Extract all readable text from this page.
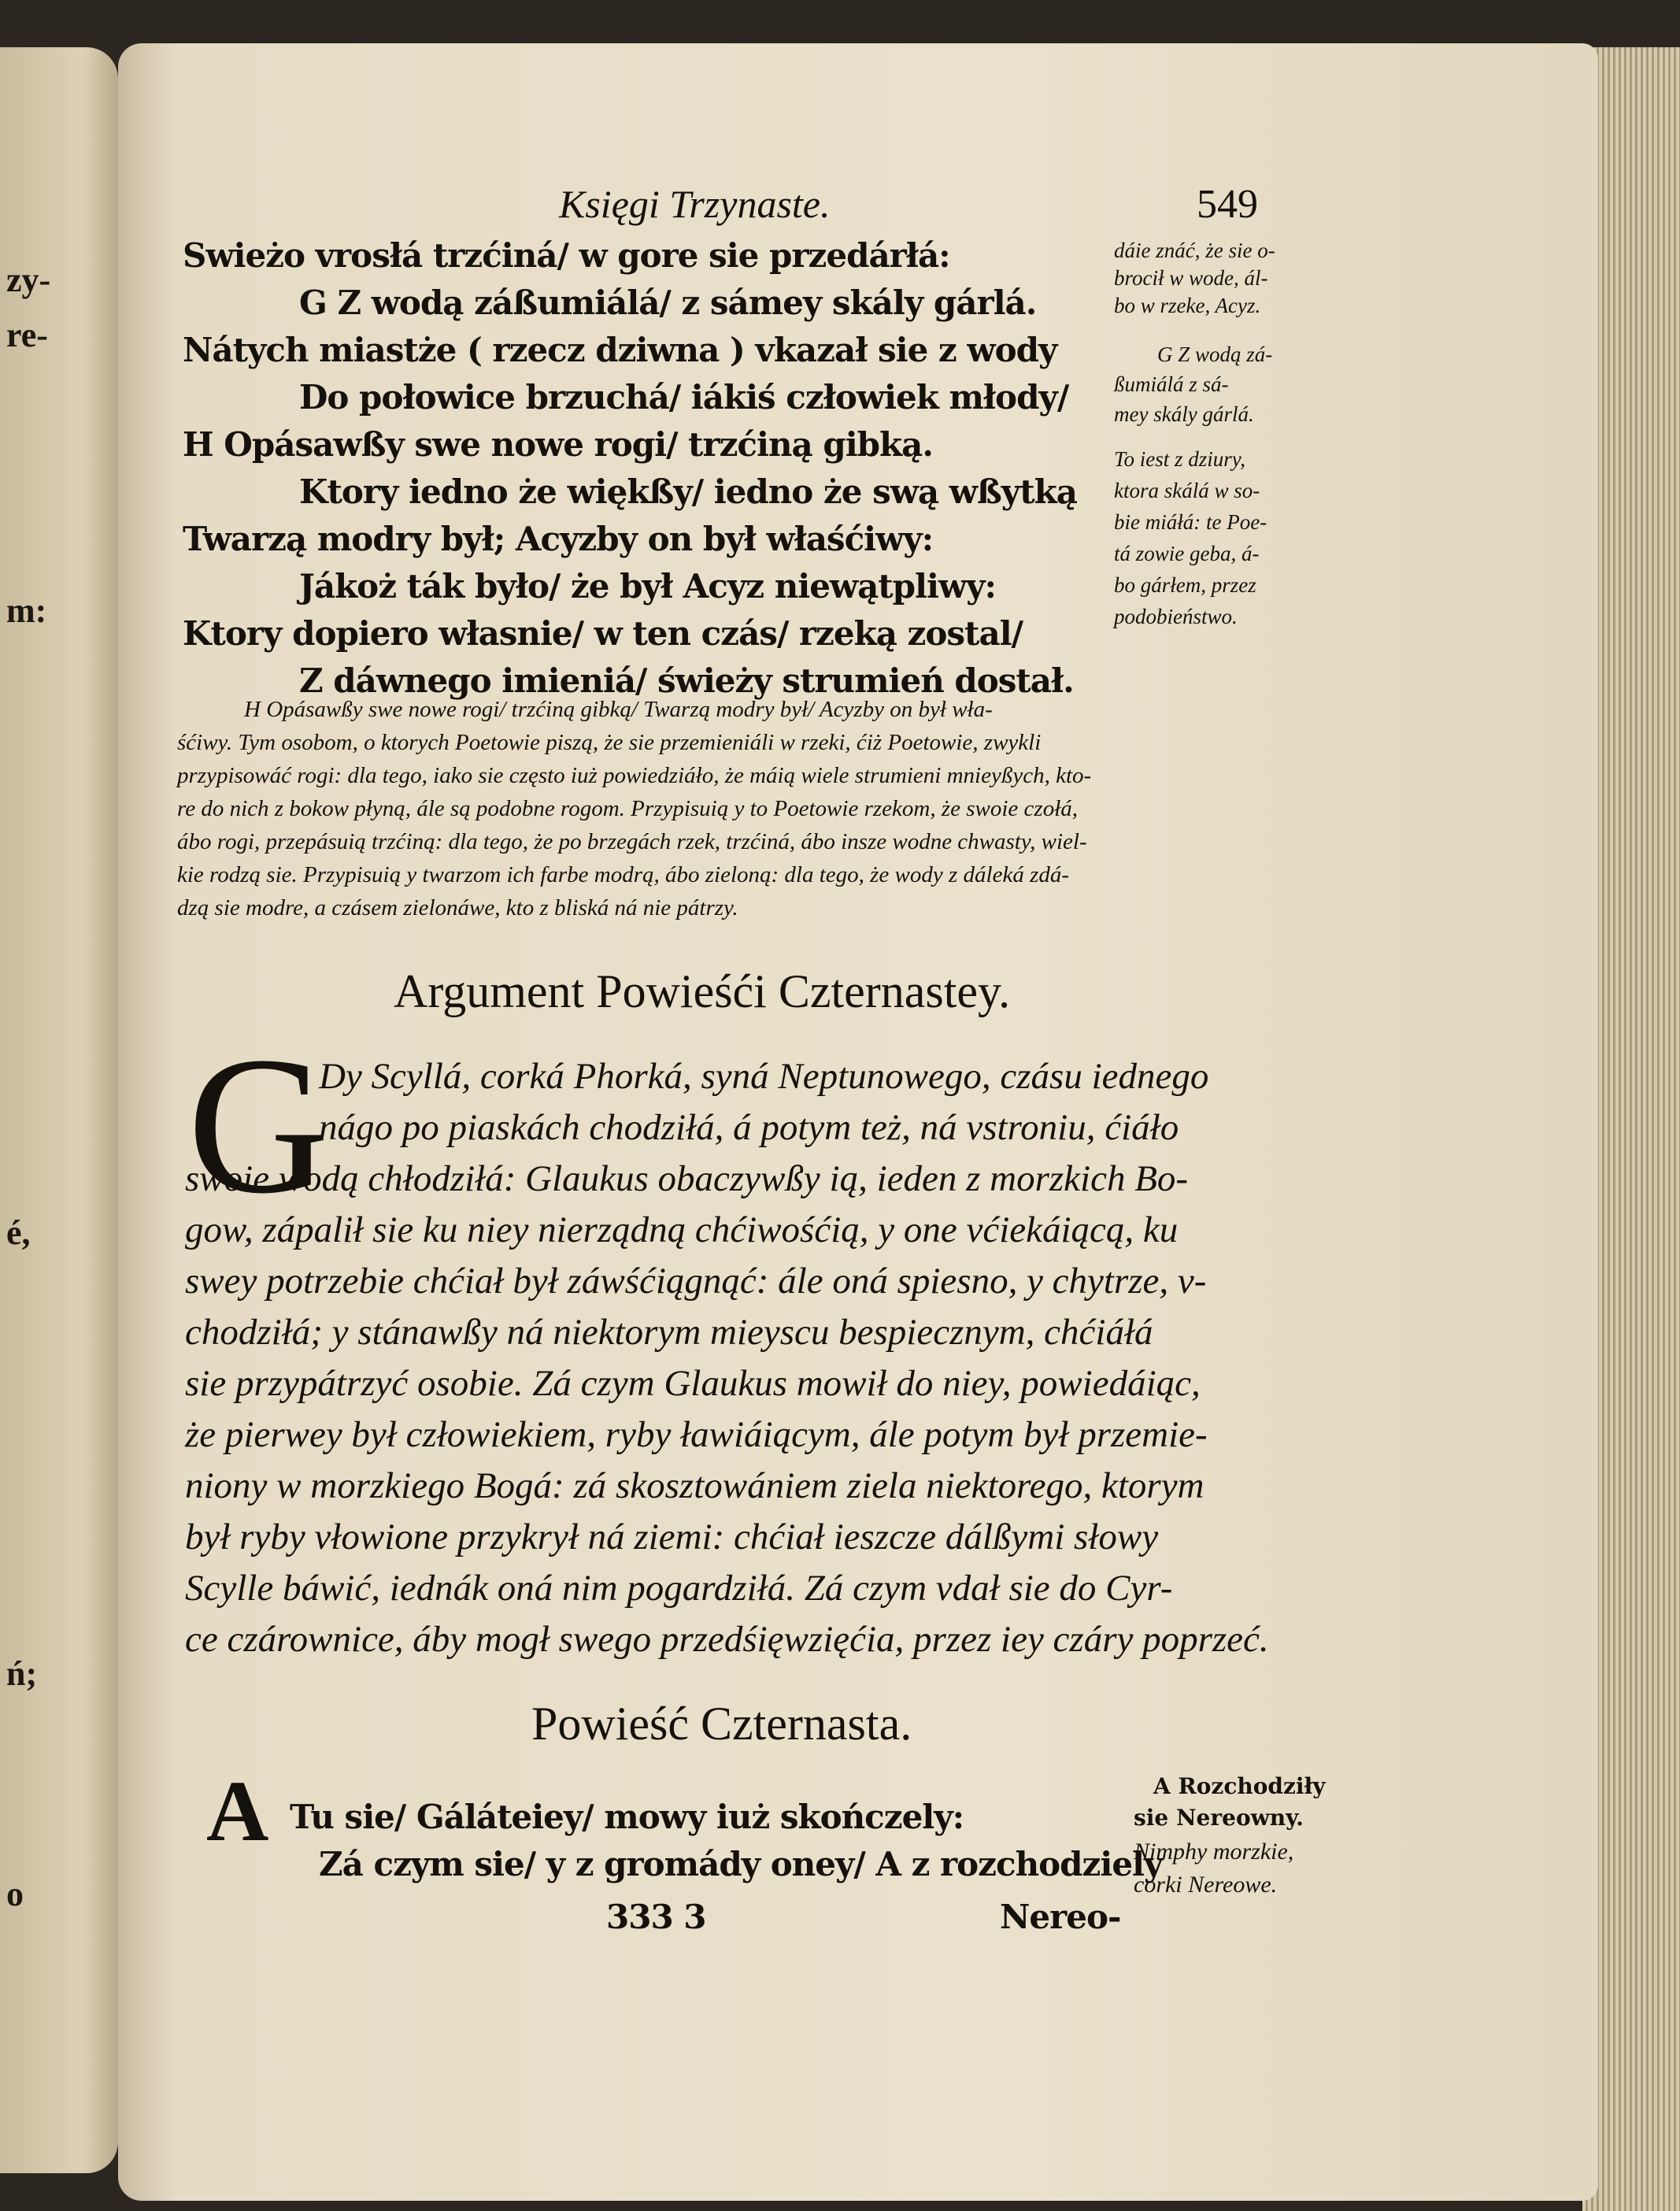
zy-
re-
m:
é,
ń;
o
Księgi Trzynaste.	549
Swieżo vrosłá trzćiná/ w gore sie przedárłá:
G Z wodą záßumiálá/ z sámey skály gárlá.
Nátych miastże ( rzecz dziwna ) vkazał sie z wody
Do połowice brzuchá/ iákiś człowiek młody/
H Opásawßy swe nowe rogi/ trzćiną gibką.
Ktory iedno że więkßy/ iedno że swą wßytką
Twarzą modry był; Acyzby on był właśćiwy:
Jákoż ták było/ że był Acyz niewątpliwy:
Ktory dopiero własnie/ w ten czás/ rzeką zostal/
Z dáwnego imieniá/ świeży strumień dostał.
dáie znáć, że sie o-
brocił w wode, ál-
bo w rzeke, Acyz.
G Z wodą zá-
ßumiálá z sá-
mey skály gárlá.
To iest z dziury,
ktora skálá w so-
bie miáłá: te Poe-
tá zowie geba, á-
bo gárłem, przez
podobieństwo.
H Opásawßy swe nowe rogi/ trzćiną gibką/ Twarzą modry był/ Acyzby on był wła-
śćiwy. Tym osobom, o ktorych Poetowie piszą, że sie przemieniáli w rzeki, ćiż Poetowie, zwykli
przypisowáć rogi: dla tego, iako sie często iuż powiedziáło, że máią wiele strumieni mnieyßych, kto-
re do nich z bokow płyną, ále są podobne rogom. Przypisuią y to Poetowie rzekom, że swoie czołá,
ábo rogi, przepásuią trzćiną: dla tego, że po brzegách rzek, trzćiná, ábo insze wodne chwasty, wiel-
kie rodzą sie. Przypisuią y twarzom ich farbe modrą, ábo zieloną: dla tego, że wody z dáleká zdá-
dzą sie modre, a czásem zielonáwe, kto z bliská ná nie pátrzy.
Argument Powieśći Czternastey.
G
Dy Scyllá, corká Phorká, syná Neptunowego, czásu iednego
nágo po piaskách chodziłá, á potym też, ná vstroniu, ćiáło
swoie wodą chłodziłá: Glaukus obaczywßy ią, ieden z morzkich Bo-
gow, zápalił sie ku niey nierządną chćiwośćią, y one vćiekáiącą, ku
swey potrzebie chćiał był záwśćiągnąć: ále oná spiesno, y chytrze, v-
chodziłá; y stánawßy ná niektorym mieyscu bespiecznym, chćiáłá
sie przypátrzyć osobie. Zá czym Glaukus mowił do niey, powiedáiąc,
że pierwey był człowiekiem, ryby ławiáiącym, ále potym był przemie-
niony w morzkiego Bogá: zá skosztowániem ziela niektorego, ktorym
był ryby vłowione przykrył ná ziemi: chćiał ieszcze dálßymi słowy
Scylle báwić, iednák oná nim pogardziłá. Zá czym vdał sie do Cyr-
ce czárownice, áby mogł swego przedśięwzięćia, przez iey czáry poprzeć.
Powieść Czternasta.
A Tu sie/ Gáláteiey/ mowy iuż skończely:
Zá czym sie/ y z gromády oney/ A z rozchodziely
333 3	Nereo-
A Rozchodziły
sie Nereowny.
Nimphy morzkie,
corki Nereowe.
